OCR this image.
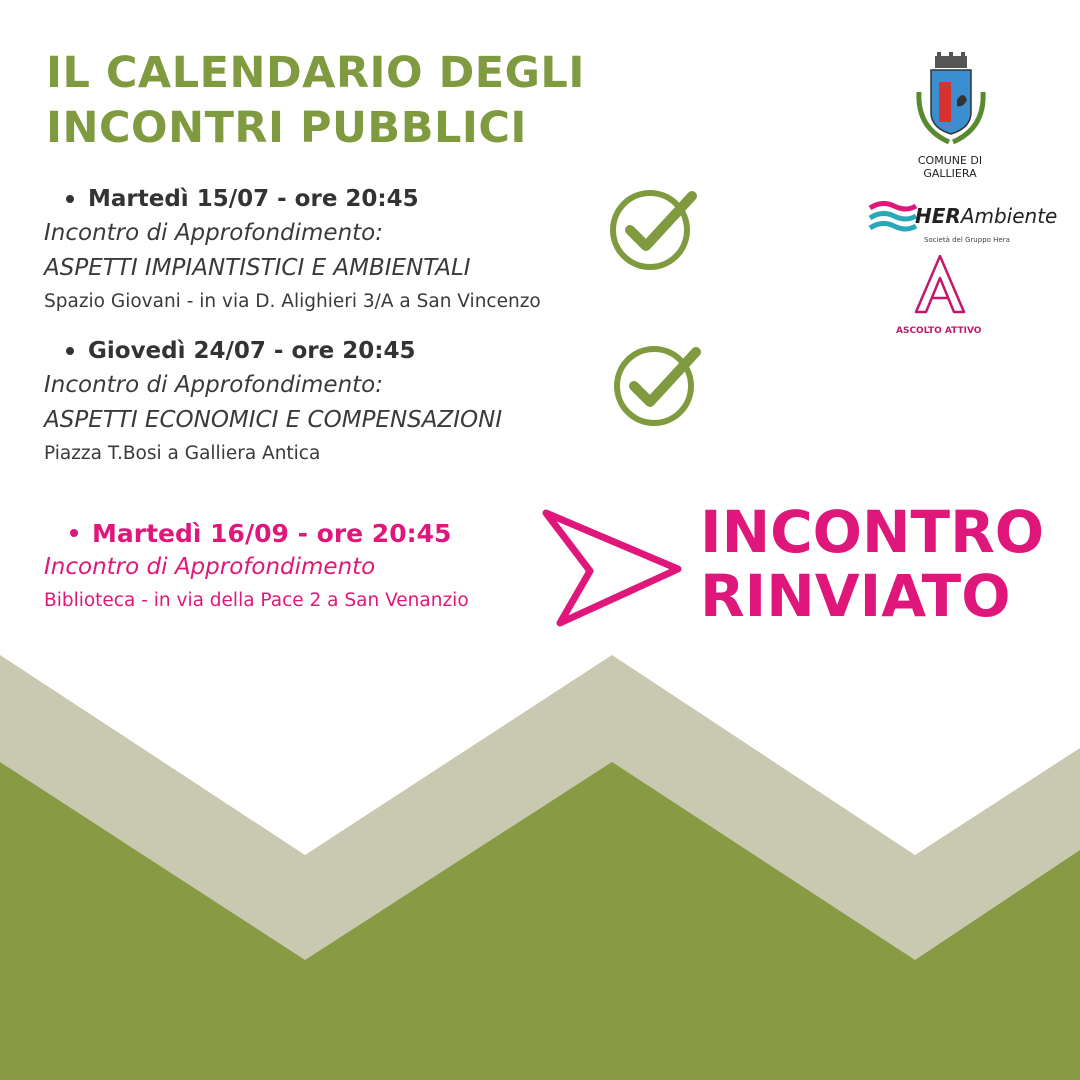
IL CALENDARIO DEGLI
INCONTRI PUBBLICI
Martedì 15/07 - ore 20:45
Incontro di Approfondimento:
ASPETTI IMPIANTISTICI E AMBIENTALI
Spazio Giovani - in via D. Alighieri 3/A a San Vincenzo
Giovedì 24/07 - ore 20:45
Incontro di Approfondimento:
ASPETTI ECONOMICI E COMPENSAZIONI
Piazza T.Bosi a Galliera Antica
Martedì 16/09 - ore 20:45
Incontro di Approfondimento
Biblioteca - in via della Pace 2 a San Venanzio
INCONTRO
RINVIATO
COMUNE DI
GALLIERA
HERAmbiente
Società del Gruppo Hera
ASCOLTO ATTIVO
